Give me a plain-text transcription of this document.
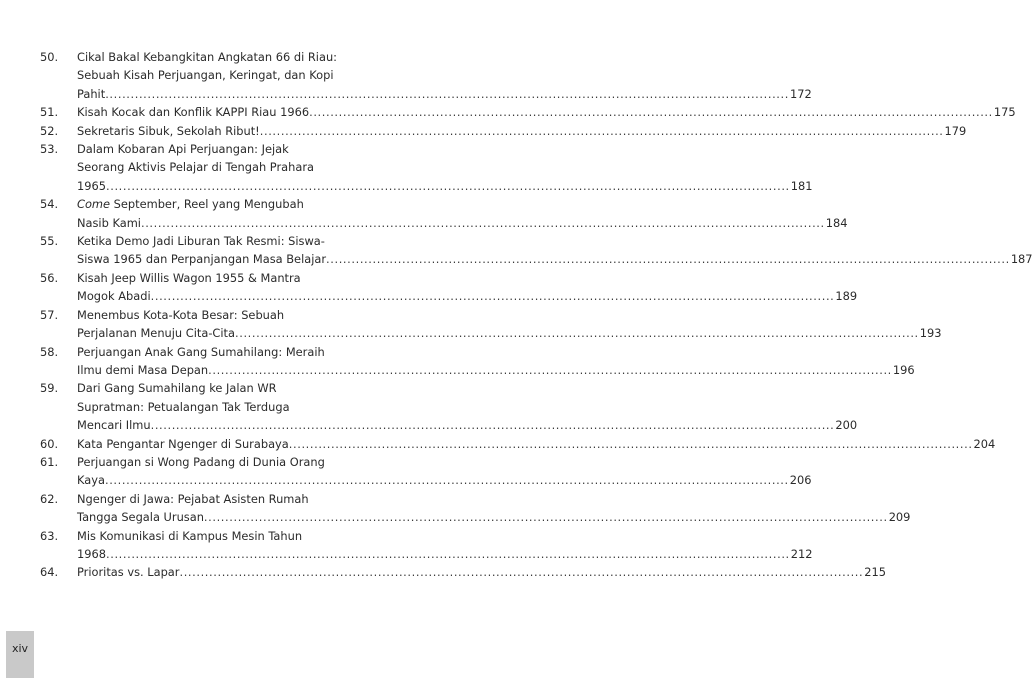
50.	Cikal Bakal Kebangkitan Angkatan 66 di Riau:
Sebuah Kisah Perjuangan, Keringat, dan Kopi
Pahit .....	172
51.	Kisah Kocak dan Konflik KAPPI Riau 1966 .....	175
52.	Sekretaris Sibuk, Sekolah Ribut! .....	179
53.	Dalam Kobaran Api Perjuangan: Jejak
Seorang Aktivis Pelajar di Tengah Prahara
1965 .....	181
54.	Come September, Reel yang Mengubah
Nasib Kami .....	184
55.	Ketika Demo Jadi Liburan Tak Resmi: Siswa-
Siswa 1965 dan Perpanjangan Masa Belajar .....	187
56.	Kisah Jeep Willis Wagon 1955 & Mantra
Mogok Abadi .....	189
57.	Menembus Kota-Kota Besar: Sebuah
Perjalanan Menuju Cita-Cita .....	193
58.	Perjuangan Anak Gang Sumahilang: Meraih
Ilmu demi Masa Depan .....	196
59.	Dari Gang Sumahilang ke Jalan WR
Supratman: Petualangan Tak Terduga
Mencari Ilmu .....	200
60.	Kata Pengantar Ngenger di Surabaya .....	204
61.	Perjuangan si Wong Padang di Dunia Orang
Kaya .....	206
62.	Ngenger di Jawa: Pejabat Asisten Rumah
Tangga Segala Urusan .....	209
63.	Mis Komunikasi di Kampus Mesin Tahun
1968 .....	212
64.	Prioritas vs. Lapar .....	215
xiv
